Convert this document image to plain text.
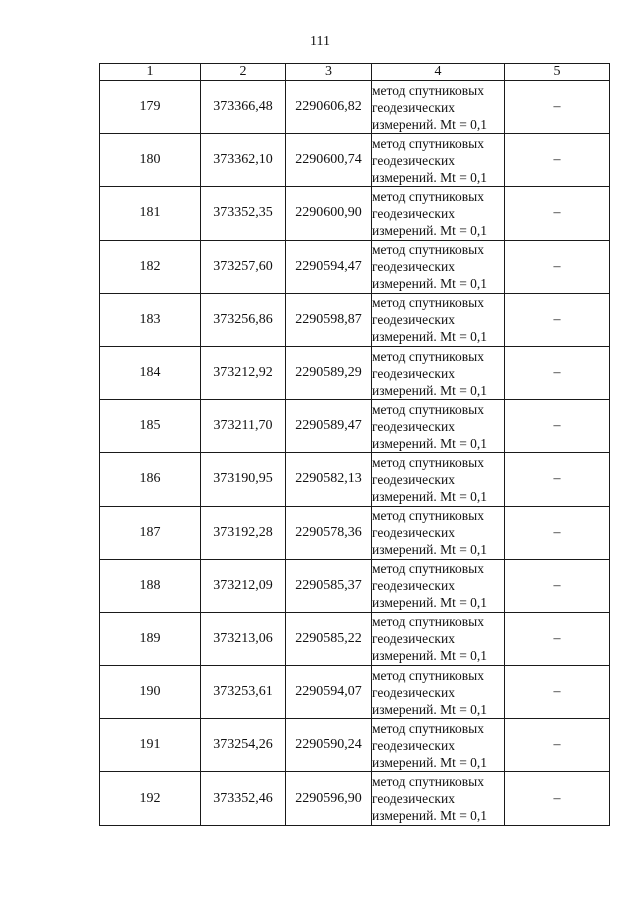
111
1	2	3	4	5
179	373366,48	2290606,82	метод спутниковых
геодезических
измерений. Mt = 0,1	–
180	373362,10	2290600,74	метод спутниковых
геодезических
измерений. Mt = 0,1	–
181	373352,35	2290600,90	метод спутниковых
геодезических
измерений. Mt = 0,1	–
182	373257,60	2290594,47	метод спутниковых
геодезических
измерений. Mt = 0,1	–
183	373256,86	2290598,87	метод спутниковых
геодезических
измерений. Mt = 0,1	–
184	373212,92	2290589,29	метод спутниковых
геодезических
измерений. Mt = 0,1	–
185	373211,70	2290589,47	метод спутниковых
геодезических
измерений. Mt = 0,1	–
186	373190,95	2290582,13	метод спутниковых
геодезических
измерений. Mt = 0,1	–
187	373192,28	2290578,36	метод спутниковых
геодезических
измерений. Mt = 0,1	–
188	373212,09	2290585,37	метод спутниковых
геодезических
измерений. Mt = 0,1	–
189	373213,06	2290585,22	метод спутниковых
геодезических
измерений. Mt = 0,1	–
190	373253,61	2290594,07	метод спутниковых
геодезических
измерений. Mt = 0,1	–
191	373254,26	2290590,24	метод спутниковых
геодезических
измерений. Mt = 0,1	–
192	373352,46	2290596,90	метод спутниковых
геодезических
измерений. Mt = 0,1	–
